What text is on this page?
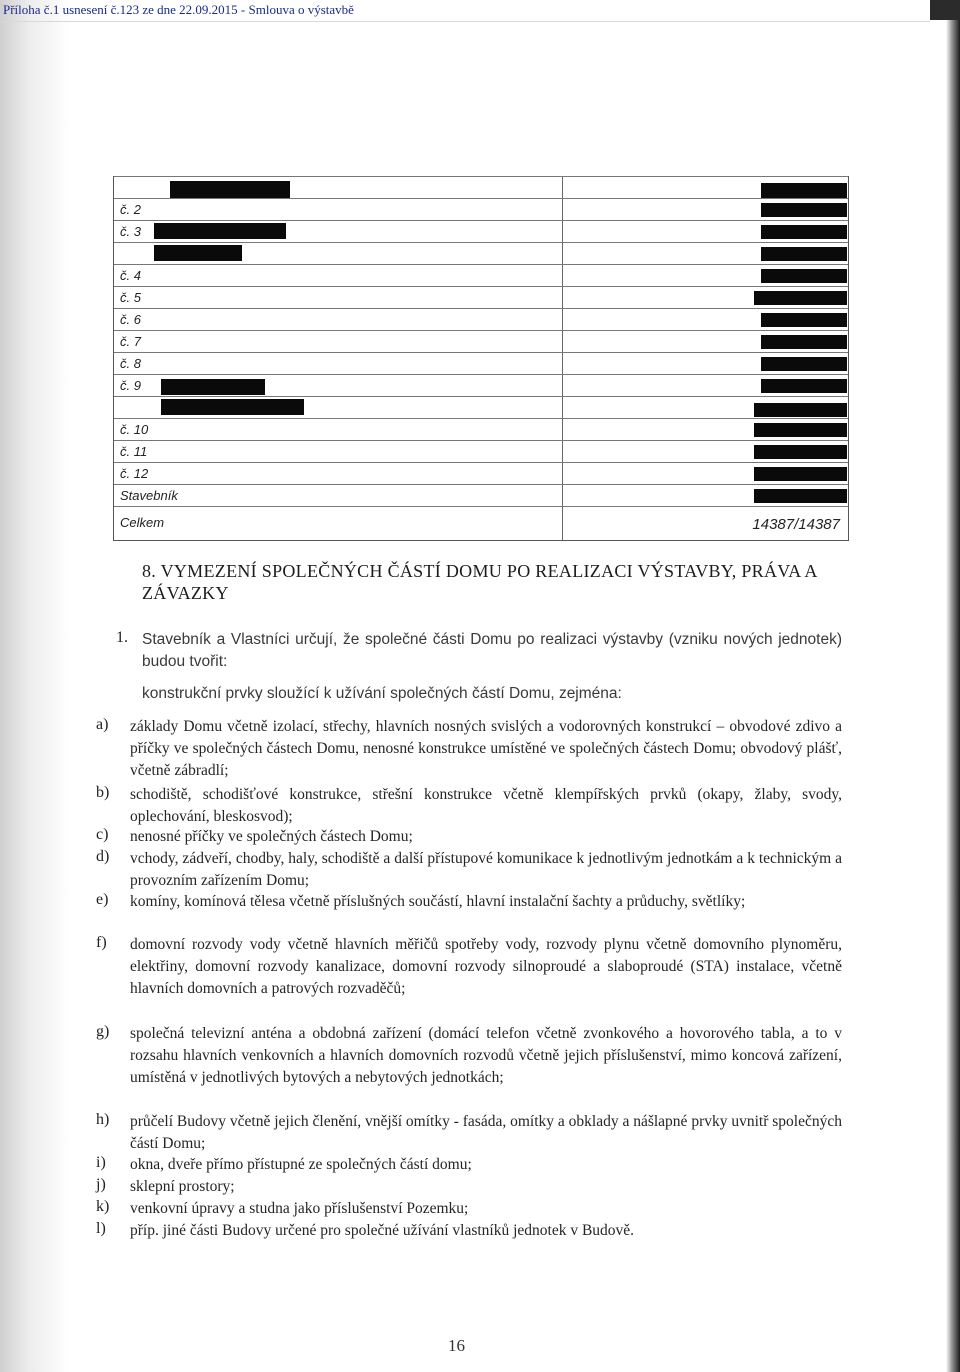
Příloha č.1 usnesení č.123 ze dne 22.09.2015 - Smlouva o výstavbě
č. 2
č. 3
č. 4
č. 5
č. 6
č. 7
č. 8
č. 9
č. 10
č. 11
č. 12
Stavebník
Celkem	14387/14387
8. VYMEZENÍ SPOLEČNÝCH ČÁSTÍ DOMU PO REALIZACI VÝSTAVBY, PRÁVA A ZÁVAZKY
1. Stavebník a Vlastníci určují, že společné části Domu po realizaci výstavby (vzniku nových jednotek) budou tvořit:
konstrukční prvky sloužící k užívání společných částí Domu, zejména:
a) základy Domu včetně izolací, střechy, hlavních nosných svislých a vodorovných konstrukcí – obvodové zdivo a příčky ve společných částech Domu, nenosné konstrukce umístěné ve společných částech Domu; obvodový plášť, včetně zábradlí;
b) schodiště, schodišťové konstrukce, střešní konstrukce včetně klempířských prvků (okapy, žlaby, svody, oplechování, bleskosvod);
c) nenosné příčky ve společných částech Domu;
d) vchody, zádveří, chodby, haly, schodiště a další přístupové komunikace k jednotlivým jednotkám a k technickým a provozním zařízením Domu;
e) komíny, komínová tělesa včetně příslušných součástí, hlavní instalační šachty a průduchy, světlíky;
f) domovní rozvody vody včetně hlavních měřičů spotřeby vody, rozvody plynu včetně domovního plynoměru, elektřiny, domovní rozvody kanalizace, domovní rozvody silnoproudé a slaboproudé (STA) instalace, včetně hlavních domovních a patrových rozvaděčů;
g) společná televizní anténa a obdobná zařízení (domácí telefon včetně zvonkového a hovorového tabla, a to v rozsahu hlavních venkovních a hlavních domovních rozvodů včetně jejich příslušenství, mimo koncová zařízení, umístěná v jednotlivých bytových a nebytových jednotkách;
h) průčelí Budovy včetně jejich členění, vnější omítky - fasáda, omítky a obklady a nášlapné prvky uvnitř společných částí Domu;
i) okna, dveře přímo přístupné ze společných částí domu;
j) sklepní prostory;
k) venkovní úpravy a studna jako příslušenství Pozemku;
l) příp. jiné části Budovy určené pro společné užívání vlastníků jednotek v Budově.
16
